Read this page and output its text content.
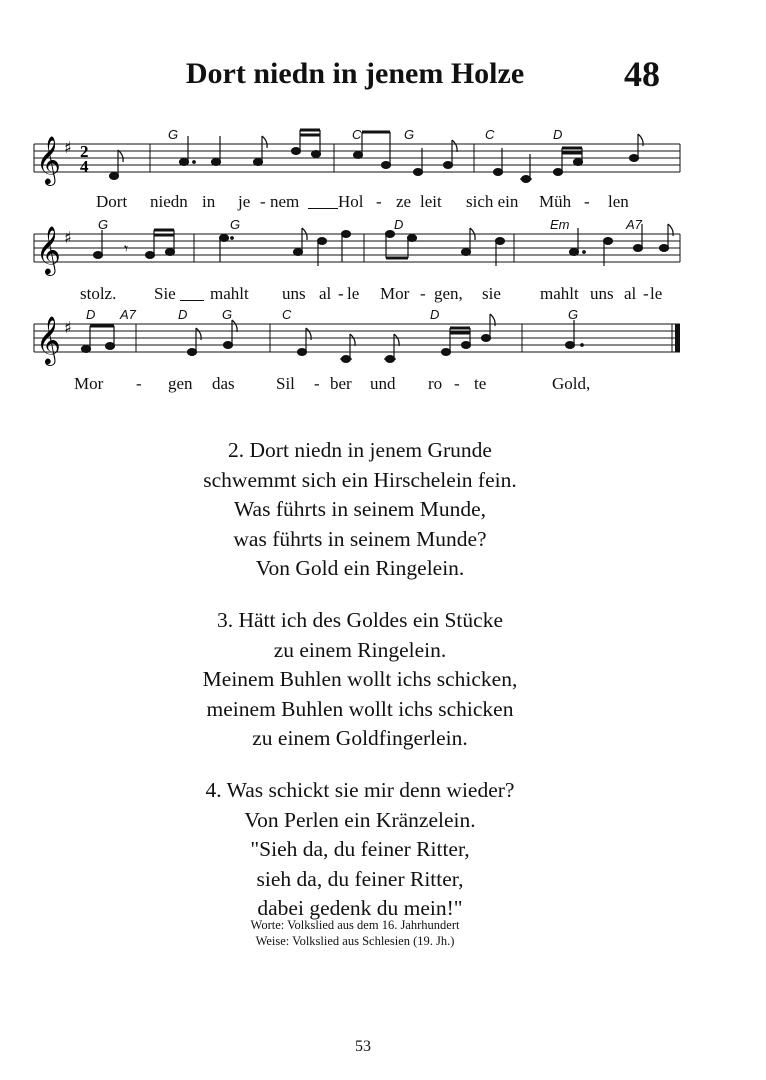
Dort niedn in jenem Holze	48
𝄞 ♯ 2
4
G	C	G	C	D
Dort niedn in je - nem Hol - ze leit sich ein Müh - len
𝄞 ♯
𝄾
G	G	D	Em	A7
stolz. Sie mahlt uns al - le Mor - gen, sie mahlt uns al - le
𝄞 ♯
D A7	D	G	C	D	G
Mor - gen das Sil - ber und ro - te	Gold,
2. Dort niedn in jenem Grunde
schwemmt sich ein Hirschelein fein.
Was führts in seinem Munde,
was führts in seinem Munde?
Von Gold ein Ringelein.
3. Hätt ich des Goldes ein Stücke
zu einem Ringelein.
Meinem Buhlen wollt ichs schicken,
meinem Buhlen wollt ichs schicken
zu einem Goldfingerlein.
4. Was schickt sie mir denn wieder?
Von Perlen ein Kränzelein.
"Sieh da, du feiner Ritter,
sieh da, du feiner Ritter,
dabei gedenk du mein!"
Worte: Volkslied aus dem 16. Jahrhundert
Weise: Volkslied aus Schlesien (19. Jh.)
53
